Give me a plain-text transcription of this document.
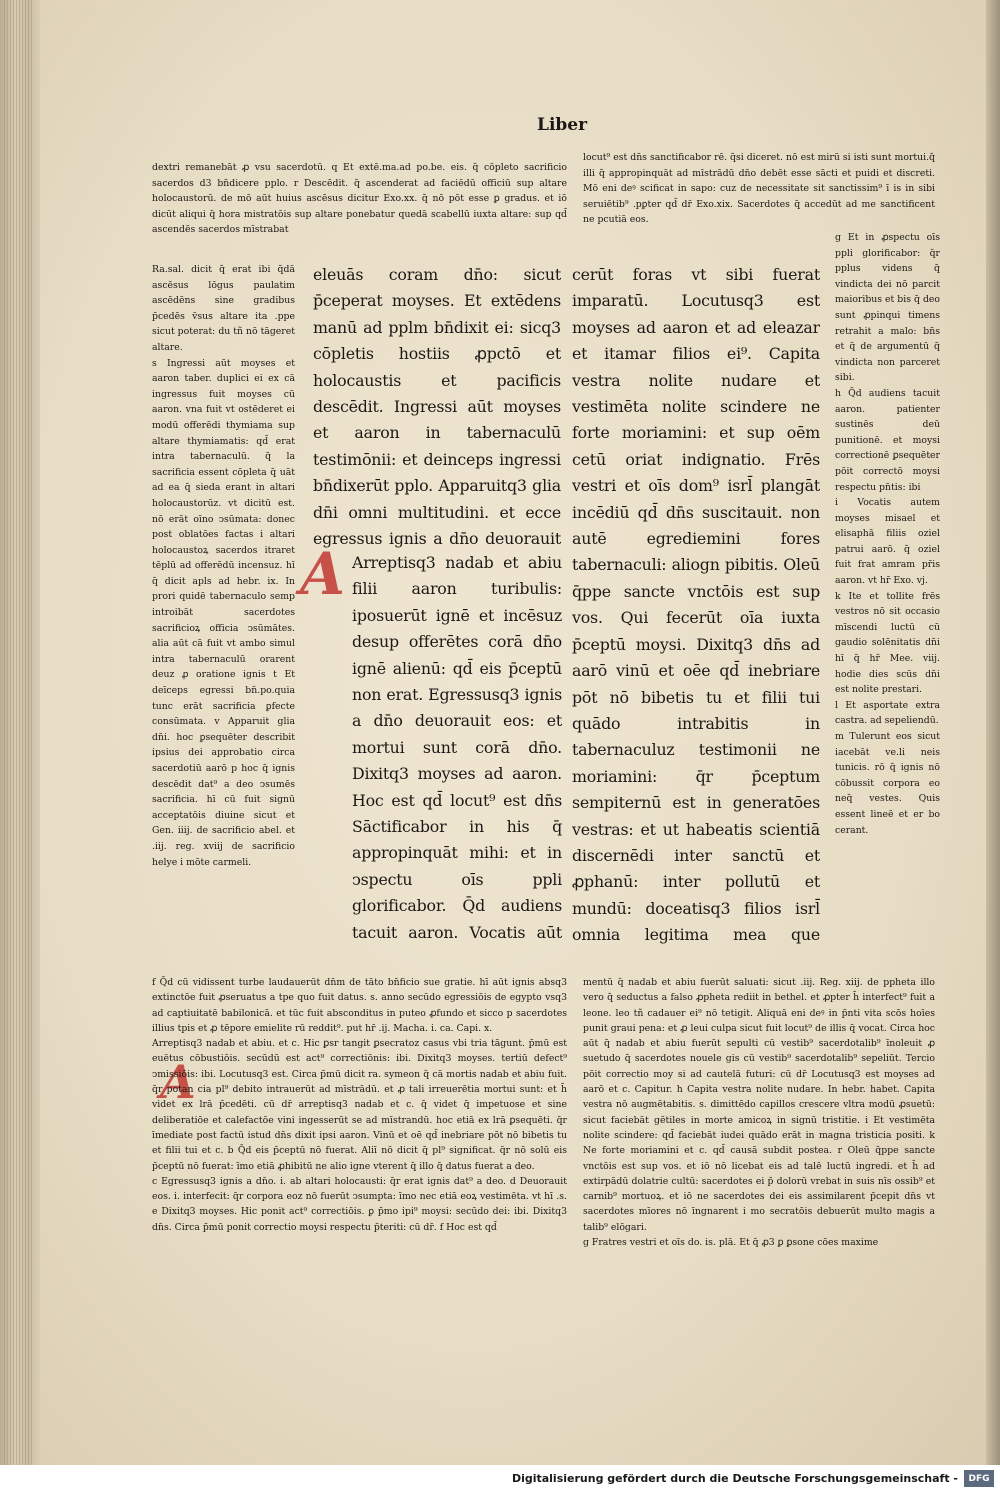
Liber
dextri remanebāt ꝓ vsu sacerdotū. q Et extē.ma.ad po.be. eis. q̄ cōpleto sacrificio sacerdos d3 bn̄dicere pplo. r Descēdit. q̄ ascenderat ad faciēdū officiū sup altare holocaustorū. de mō aūt huius ascēsus dicitur Exo.xx. q̄ nō pōt esse ꝑ gradus. et iō dicūt aliqui q̄ hora mistratōis sup altare ponebatur quedā scabellū iuxta altare: sup qd̄ ascendēs sacerdos mīstrabat
locut⁹ est dn̄s sanctificabor rē. q̄si diceret. nō est mirū si isti sunt mortui.q̄ illi q̄ appropinquāt ad mīstrādū dn̄o debēt esse sācti et puidi et discreti. Mō eni deꝰ scificat in sapo: cuz de necessitate sit sanctissim⁹ ī is in sibi seruiētib⁹ .pꝑter qd̄ dr̄ Exo.xix. Sacerdotes q̄ accedūt ad me sanctificent ne pcutiā eos.
Ra.sal. dicit q̄ erat ibi q̄dā ascēsus lōgus paulatim ascēdēns sine gradibus p̄cedēs v̄sus altare ita .ppe sicut poterat: du tñ nō tāgeret altare.
s Ingressi aūt moyses et aaron taber. duplici ei ex cā ingressus fuit moyses cū aaron. vna fuit vt ostēderet ei modū offerēdi thymiama sup altare thymiamatis: qd̄ erat intra tabernaculū. q̄ la sacrificia essent cōpleta q̄ uāt ad ea q̄ sieda erant in altari holocaustorūz. vt dicitū est. nō erāt oīno ↄsūmata: donec post oblatōes factas i altari holocaustoꝝ sacerdos itraret tēplū ad offerēdū incensuz. hī q̄ dicit apls ad hebr. ix. In prori quidē tabernaculo semp introibāt sacerdotes sacrificioꝝ officia ↄsūmātes. alia aūt cā fuit vt ambo simul intra tabernaculū orarent deuz ꝓ oratione ignis t Et deīceps egressi bn̄.po.quia tunc erāt sacrificia ꝑfecte consūmata. v Apparuit glia dn̄i. hoc ꝑsequēter describit ipsius dei approbatio circa sacerdotiū aarō p hoc q̄ ignis descēdit dat⁹ a deo ↄsumēs sacrificia. hī cū fuit signū acceptatōis diuine sicut et Gen. iiij. de sacrificio abel. et .iij. reg. xviij de sacrificio helye i mōte carmeli.
eleuās coram dn̄o: sicut p̄ceperat moyses. Et extēdens manū ad pplm bn̄dixit ei: sicq3 cōpletis hostiis ꝓpctō et holocaustis et pacificis descēdit. Ingressi aūt moyses et aaron in tabernaculū testimōnii: et deinceps ingressi bn̄dixerūt pplo. Apparuitq3 glia dn̄i omni multitudini. et ecce egressus ignis a dn̄o deuorauit
A Arreptisq3 nadab et abiu filii aaron turibulis: iposuerūt ignē et incēsuz desup offerētes corā dn̄o ignē alienū: qd̄ eis p̄ceptū non erat. Egressusq3 ignis a dn̄o deuorauit eos: et mortui sunt corā dn̄o. Dixitq3 moyses ad aaron. Hoc est qd̄ locut⁹ est dn̄s Sāctificabor in his q̄ appropinquāt mihi: et in ↄspectu oīs ppli glorificabor. Q̄d audiens tacuit aaron. Vocatis aūt
cerūt foras vt sibi fuerat imparatū. Locutusq3 est moyses ad aaron et ad eleazar et itamar filios ei⁹. Capita vestra nolite nudare et vestimēta nolite scindere ne forte moriamini: et sup oēm cetū oriat indignatio. Frēs vestri et oīs dom⁹ isrl̄ plangāt incēdiū qd̄ dn̄s suscitauit. non autē egrediemini fores tabernaculi: aliogn pibitis. Oleū q̄ppe sancte vnctōis est sup vos. Qui fecerūt oīa iuxta p̄ceptū moysi. Dixitq3 dn̄s ad aarō vinū et oēe qd̄ inebriare pōt nō bibetis tu et filii tui quādo intrabitis in tabernaculuz testimonii ne moriamini: q̄r p̄ceptum sempiternū est in generatōes vestras: et ut habeatis scientiā discernēdi inter sanctū et ꝓphanū: inter pollutū et mundū: doceatisq3 filios isrl̄ omnia legitima mea que
g Et in ꝓspectu oīs ppli glorificabor: q̄r pplus videns q̄ vindicta dei nō parcit maioribus et bis q̄ deo sunt ꝓpinqui timens retrahit a malo: bn̄s et q̄ de argumentū q̄ vindicta non parceret sibi.
h Q̄d audiens tacuit aaron. patienter sustinēs deū punitionē. et moysi correctionē ꝑsequēter pōit correctō moysi respectu pn̄tis: ibi
i Vocatis autem moyses misael et elisaphā filiis oziel patrui aarō. q̄ oziel fuit frat amram pr̄is aaron. vt hr̄ Exo. vj.
k Ite et tollite frēs vestros nō sit occasio mīscendi luctū cū gaudio solēnitatis dn̄i hī q̄ hr̄ Mee. viij. hodie dies scūs dn̄i est nolite prestari.
l Et asportate extra castra. ad sepeliendū.
m Tulerunt eos sicut iacebāt ve.li neis tunicis. rō q̄ ignis nō cōbussit corpora eo neq̄ vestes. Quis essent lineē et er bo cerant.
A
f Q̄d cū vidissent turbe laudauerūt dn̄m de tāto bn̄ficio sue gratie. hī aūt ignis absq3 extinctōe fuit ꝓseruatus a tpe quo fuit datus. s. anno secūdo egressiōis de egypto vsq3 ad captiuitatē babilonicā. et tūc fuit absconditus in puteo ꝓfundo et sicco p sacerdotes illius tpis et ꝓ tēpore emielite rū reddit⁹. put hr̄ .ij. Macha. i. ca. Capi. x.
Arreptisq3 nadab et abiu. et c. Hic ꝑsr tangit ꝑsecratoz casus vbi tria tāgunt. p̄mū est euētus cōbustiōis. secūdū est act⁹ correctiōnis: ibi. Dixitq3 moyses. tertiū defect⁹ ↄmissiōis: ibi. Locutusq3 est. Circa p̄mū dicit ra. symeon q̄ cā mortis nadab et abiu fuit. q̄r potan cia pl⁹ debito intrauerūt ad mīstrādū. et ꝓ tali irreuerētia mortui sunt: et h̄ videt ex lrā p̄cedēti. cū dr̄ arreptisq3 nadab et c. q̄ videt q̄ impetuose et sine deliberatiōe et calefactōe vini ingesserūt se ad mīstrandū. hoc etiā ex lrā ꝑsequēti. q̄r īmediate post factū istud dn̄s dixit ipsi aaron. Vinū et oē qd̄ inebriare pōt nō bibetis tu et filii tui et c. b Q̄d eis p̄ceptū nō fuerat. Aliī nō dicit q̄ pl⁹ significat. q̄r nō solū eis p̄ceptū nō fuerat: īmo etiā ꝓhibitū ne alio igne vterent q̄ illo q̄ datus fuerat a deo.
c Egressusq3 ignis a dn̄o. i. ab altari holocausti: q̄r erat ignis dat⁹ a deo. d Deuorauit eos. i. interfecit: q̄r corpora eoz nō fuerūt ↄsumpta: īmo nec etiā eoꝝ vestimēta. vt hī .s. e Dixitq3 moyses. Hic ponit act⁹ correctiōis. ꝑ p̄mo ipi⁹ moysi: secūdo dei: ibi. Dixitq3 dn̄s. Circa p̄mū ponit correctio moysi respectu p̄teriti: cū dr̄. f Hoc est qd̄
mentū q̄ nadab et abiu fuerūt saluati: sicut .iij. Reg. xiij. de ppheta illo vero q̄ seductus a falso ꝓpheta rediit in bethel. et ꝓpter h̄ interfect⁹ fuit a leone. leo tñ cadauer ei⁹ nō tetigit. Aliquā eni deꝰ in p̄nti vita scōs hoīes punit graui pena: et ꝓ leui culpa sicut fuit locut⁹ de illis q̄ vocat. Circa hoc aūt q̄ nadab et abiu fuerūt sepulti cū vestib⁹ sacerdotalib⁹ īnoleuit ꝓ suetudo q̄ sacerdotes nouele gis cū vestib⁹ sacerdotalib⁹ sepeliūt. Tercio pōit correctio moy si ad cautelā futuri: cū dr̄ Locutusq3 est moyses ad aarō et c. Capitur. h Capita vestra nolite nudare. In hebr. habet. Capita vestra nō augmētabitis. s. dimittēdo capillos crescere vltra modū ꝓsuetū: sicut faciebāt gētiles in morte amicoꝝ in signū tristitie. i Et vestimēta nolite scindere: qd̄ faciebāt iudei quādo erāt in magna tristicia positi. k Ne forte moriamini et c. qd̄ causā subdit postea. r Oleū q̄ppe sancte vnctōis est sup vos. et iō nō licebat eis ad talē luctū ingredi. et h̄ ad extirpādū dolatrie cultū: sacerdotes ei p̄ dolorū vrebat in suis nīs ossib⁹ et carnib⁹ mortuoꝝ. et iō ne sacerdotes dei eis assimilarent p̄cepit dn̄s vt sacerdotes mīores nō īngnarent i mo secratōis debuerūt multo magis a talib⁹ elōgari.
g Fratres vestri et oīs do. is. plā. Et q̄ ꝓ3 ꝑ ꝑsone cōes maxime
Digitalisierung gefördert durch die Deutsche Forschungsgemeinschaft -	DFG
